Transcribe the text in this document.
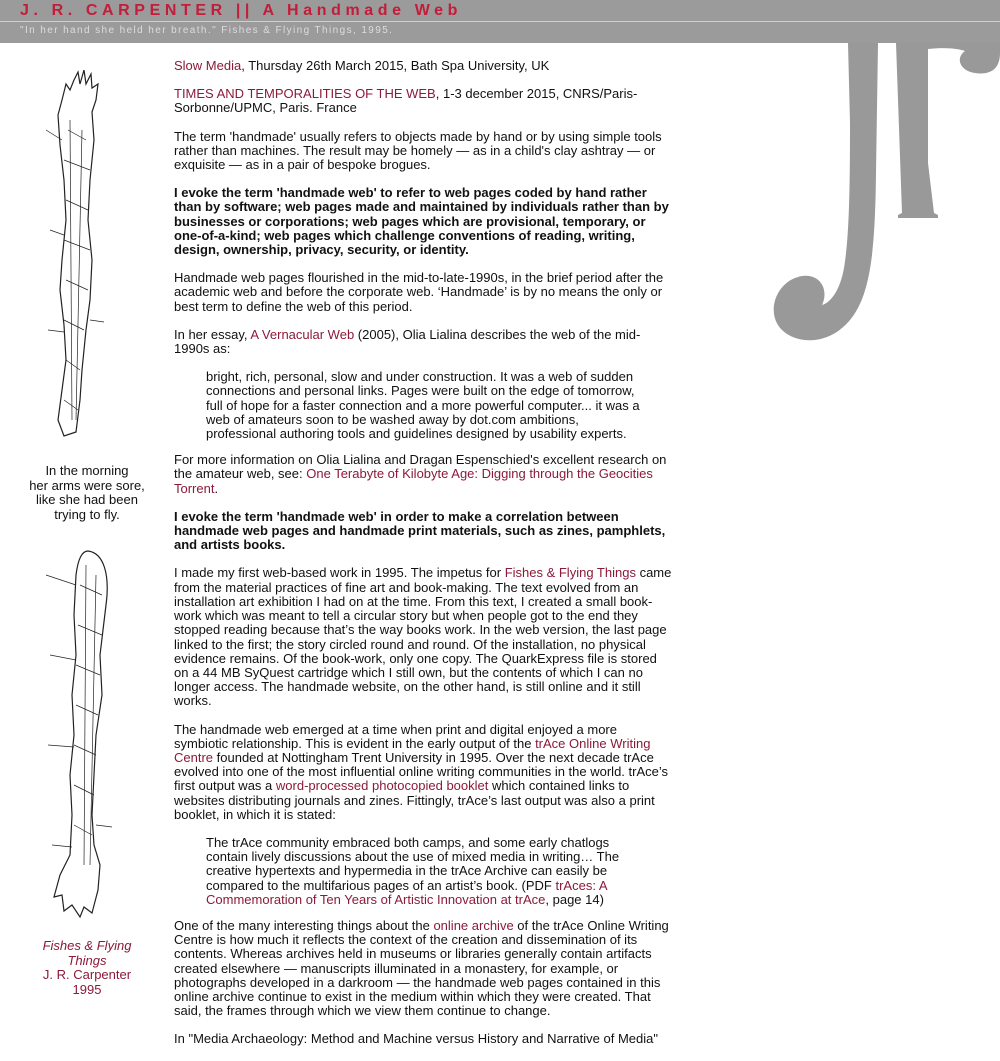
J. R. CARPENTER || A Handmade Web

"In her hand she held her breath." Fishes & Flying Things, 1995.

In the morning
her arms were sore,
like she had been
trying to fly.
Fishes & Flying Things
J. R. Carpenter
1995

Slow Media, Thursday 26th March 2015, Bath Spa University, UK

TIMES AND TEMPORALITIES OF THE WEB, 1-3 december 2015, CNRS/Paris-Sorbonne/UPMC, Paris. France

The term 'handmade' usually refers to objects made by hand or by using simple tools rather than machines. The result may be homely — as in a child's clay ashtray — or exquisite — as in a pair of bespoke brogues.

I evoke the term 'handmade web' to refer to web pages coded by hand rather than by software; web pages made and maintained by individuals rather than by businesses or corporations; web pages which are provisional, temporary, or one-of-a-kind; web pages which challenge conventions of reading, writing, design, ownership, privacy, security, or identity.

Handmade web pages flourished in the mid-to-late-1990s, in the brief period after the academic web and before the corporate web. ‘Handmade’ is by no means the only or best term to define the web of this period.

In her essay, A Vernacular Web (2005), Olia Lialina describes the web of the mid-1990s as:

bright, rich, personal, slow and under construction. It was a web of sudden connections and personal links. Pages were built on the edge of tomorrow, full of hope for a faster connection and a more powerful computer... it was a web of amateurs soon to be washed away by dot.com ambitions, professional authoring tools and guidelines designed by usability experts.

For more information on Olia Lialina and Dragan Espenschied's excellent research on the amateur web, see: One Terabyte of Kilobyte Age: Digging through the Geocities Torrent.

I evoke the term 'handmade web' in order to make a correlation between handmade web pages and handmade print materials, such as zines, pamphlets, and artists books.

I made my first web-based work in 1995. The impetus for Fishes & Flying Things came from the material practices of fine art and book-making. The text evolved from an installation art exhibition I had on at the time. From this text, I created a small book-work which was meant to tell a circular story but when people got to the end they stopped reading because that’s the way books work. In the web version, the last page linked to the first; the story circled round and round. Of the installation, no physical evidence remains. Of the book-work, only one copy. The QuarkExpress file is stored on a 44 MB SyQuest cartridge which I still own, but the contents of which I can no longer access. The handmade website, on the other hand, is still online and it still works.

The handmade web emerged at a time when print and digital enjoyed a more symbiotic relationship. This is evident in the early output of the trAce Online Writing Centre founded at Nottingham Trent University in 1995. Over the next decade trAce evolved into one of the most influential online writing communities in the world. trAce’s first output was a word-processed photocopied booklet which contained links to websites distributing journals and zines. Fittingly, trAce’s last output was also a print booklet, in which it is stated:

The trAce community embraced both camps, and some early chatlogs contain lively discussions about the use of mixed media in writing… The creative hypertexts and hypermedia in the trAce Archive can easily be compared to the multifarious pages of an artist’s book. (PDF trAces: A Commemoration of Ten Years of Artistic Innovation at trAce, page 14)

One of the many interesting things about the online archive of the trAce Online Writing Centre is how much it reflects the context of the creation and dissemination of its contents. Whereas archives held in museums or libraries generally contain artifacts created elsewhere — manuscripts illuminated in a monastery, for example, or photographs developed in a darkroom — the handmade web pages contained in this online archive continue to exist in the medium within which they were created. That said, the frames through which we view them continue to change.

In "Media Archaeology: Method and Machine versus History and Narrative of Media"
